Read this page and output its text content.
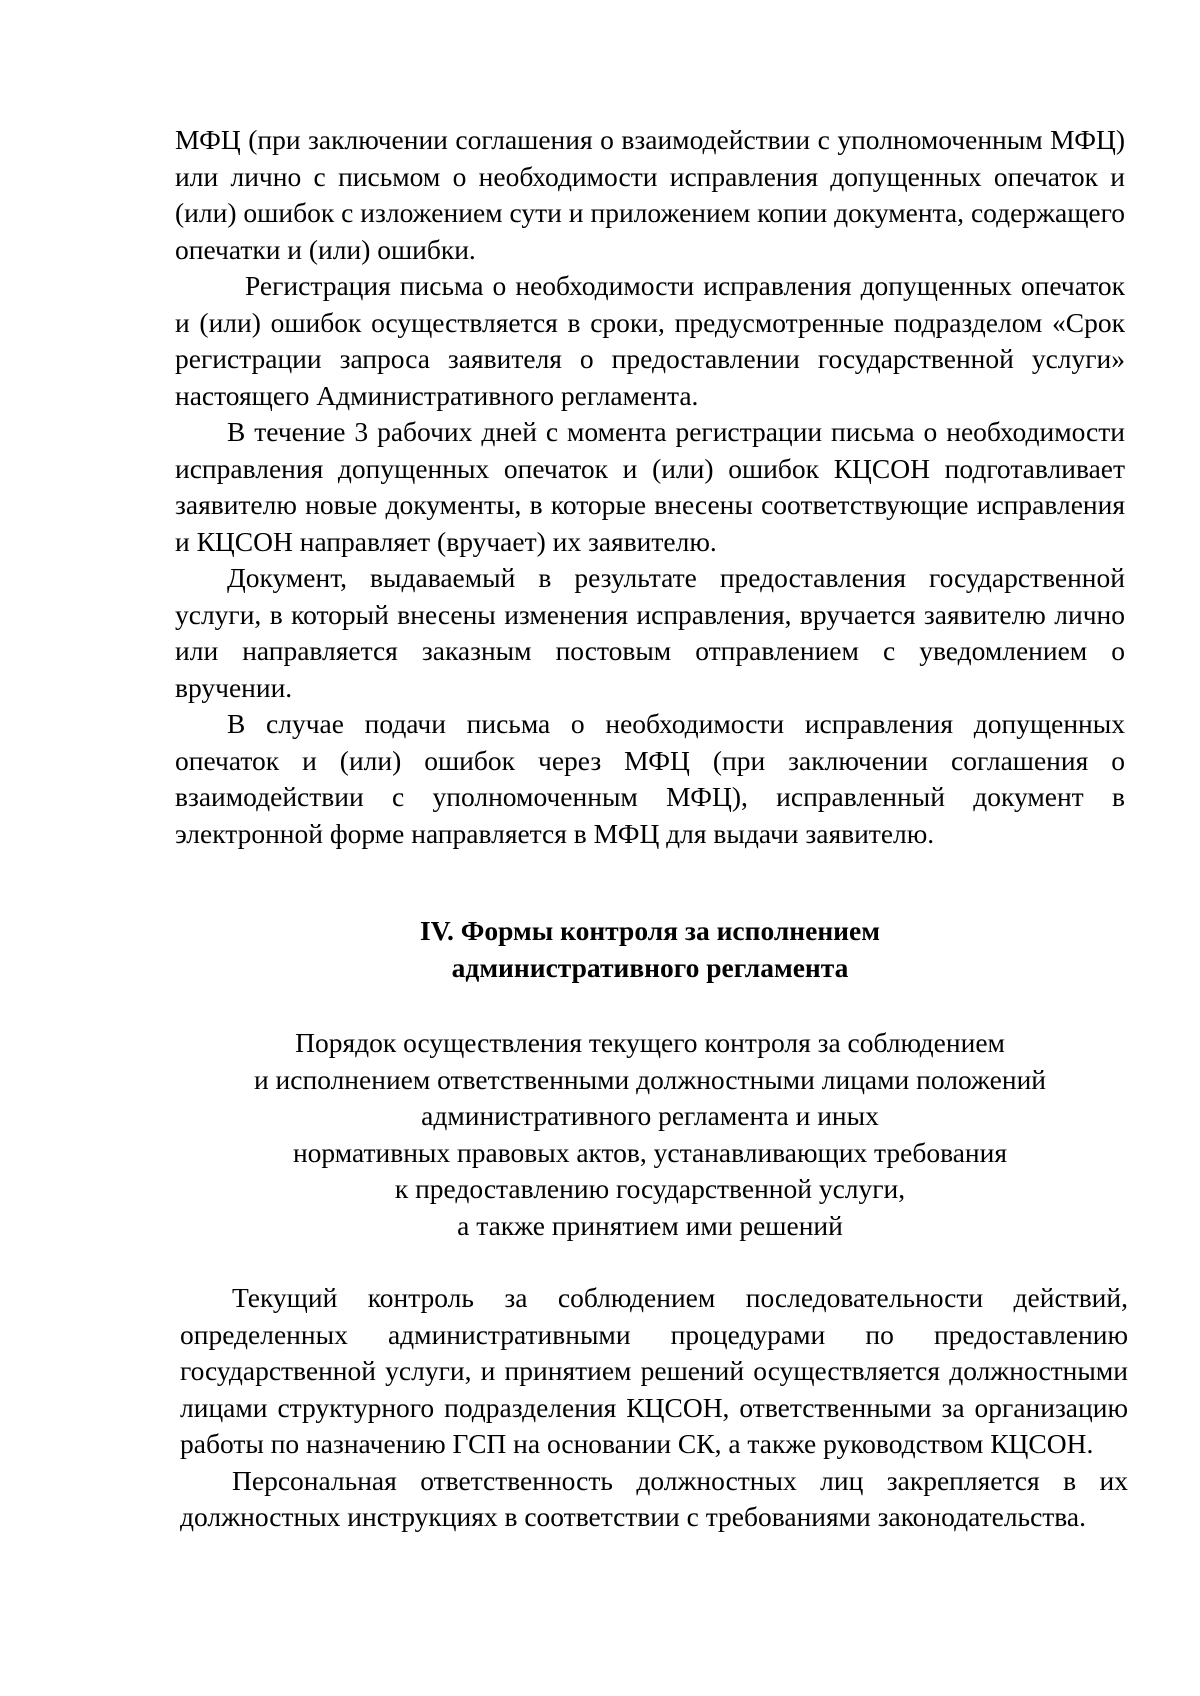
МФЦ (при заключении соглашения о взаимодействии с уполномоченным МФЦ) или лично с письмом о необходимости исправления допущенных опечаток и (или) ошибок с изложением сути и приложением копии документа, содержащего опечатки и (или) ошибки.

Регистрация письма о необходимости исправления допущенных опечаток и (или) ошибок осуществляется в сроки, предусмотренные подразделом «Срок регистрации запроса заявителя о предоставлении государственной услуги» настоящего Административного регламента.

В течение 3 рабочих дней с момента регистрации письма о необходимости исправления допущенных опечаток и (или) ошибок КЦСОН подготавливает заявителю новые документы, в которые внесены соответствующие исправления и КЦСОН направляет (вручает) их заявителю.

Документ, выдаваемый в результате предоставления государственной услуги, в который внесены изменения исправления, вручается заявителю лично или направляется заказным постовым отправлением с уведомлением о вручении.

В случае подачи письма о необходимости исправления допущенных опечаток и (или) ошибок через МФЦ (при заключении соглашения о взаимодействии с уполномоченным МФЦ), исправленный документ в электронной форме направляется в МФЦ для выдачи заявителю.

IV. Формы контроля за исполнением
административного регламента
Порядок осуществления текущего контроля за соблюдением
и исполнением ответственными должностными лицами положений
административного регламента и иных
нормативных правовых актов, устанавливающих требования
к предоставлению государственной услуги,
а также принятием ими решений

Текущий контроль за соблюдением последовательности действий, определенных административными процедурами по предоставлению государственной услуги, и принятием решений осуществляется должностными лицами структурного подразделения КЦСОН, ответственными за организацию работы по назначению ГСП на основании СК, а также руководством КЦСОН.

Персональная ответственность должностных лиц закрепляется в их должностных инструкциях в соответствии с требованиями законодательства.
